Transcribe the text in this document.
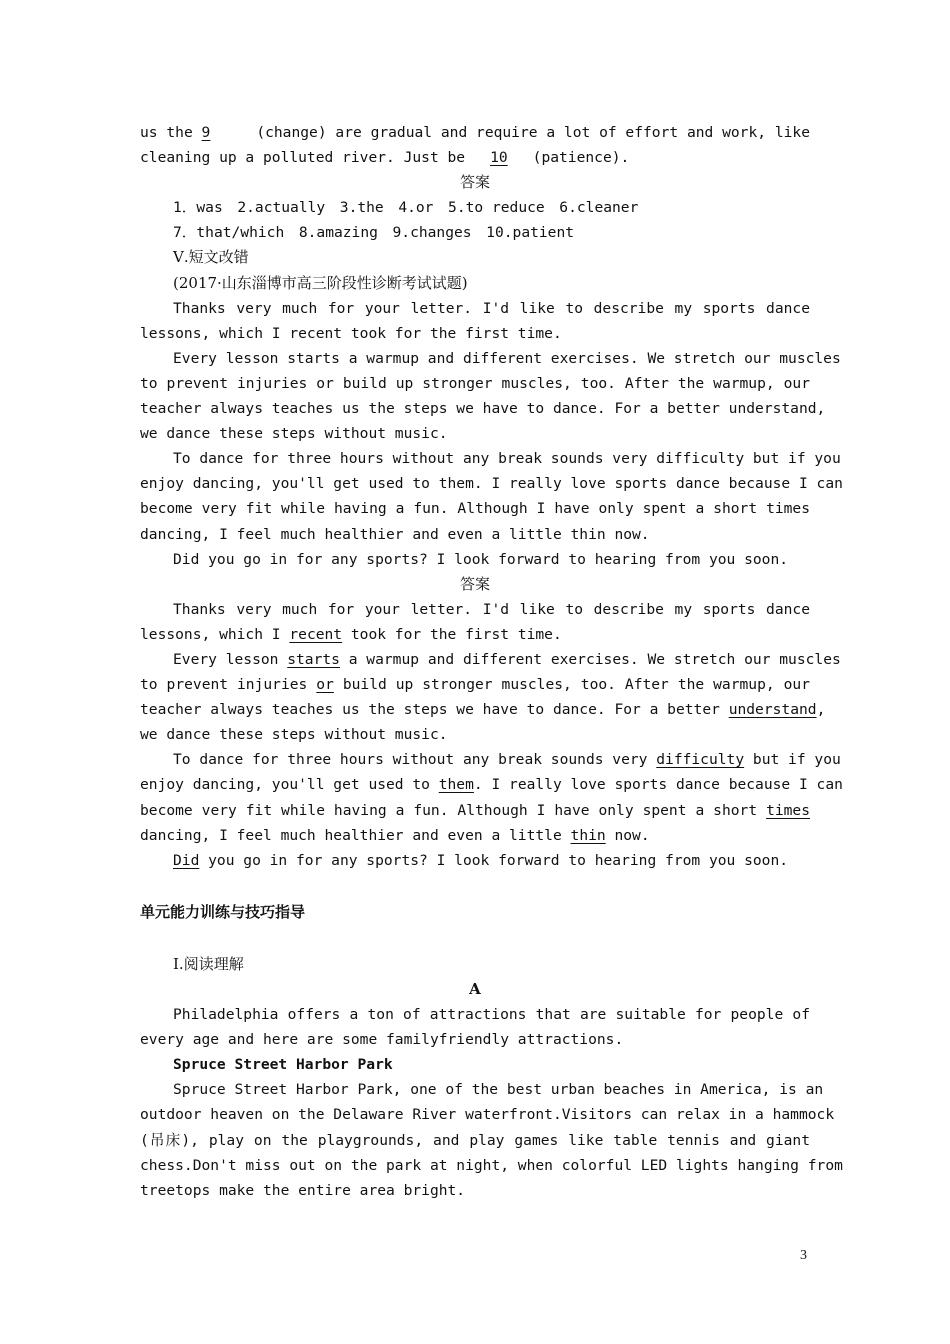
us the 9	(change) are gradual and require a lot of effort and work, like
cleaning up a polluted river. Just be 10 (patience).
答案
1．was　2.actually　3.the　4.or　5.to reduce　6.cleaner
7．that/which　8.amazing　9.changes　10.patient
Ⅴ.短文改错
(2017·山东淄博市高三阶段性诊断考试试题)
Thanks very much for your letter. I'd like to describe my sports dance
lessons, which I recent took for the first time.
Every lesson starts a warmup and different exercises. We stretch our muscles
to prevent injuries or build up stronger muscles, too. After the warmup, our
teacher always teaches us the steps we have to dance. For a better understand,
we dance these steps without music.
To dance for three hours without any break sounds very difficulty but if you
enjoy dancing, you'll get used to them. I really love sports dance because I can
become very fit while having a fun. Although I have only spent a short times
dancing, I feel much healthier and even a little thin now.
Did you go in for any sports? I look forward to hearing from you soon.
答案
Thanks very much for your letter. I'd like to describe my sports dance
lessons, which I recent took for the first time.
Every lesson starts a warmup and different exercises. We stretch our muscles
to prevent injuries or build up stronger muscles, too. After the warmup, our
teacher always teaches us the steps we have to dance. For a better understand,
we dance these steps without music.
To dance for three hours without any break sounds very difficulty but if you
enjoy dancing, you'll get used to them. I really love sports dance because I can
become very fit while having a fun. Although I have only spent a short times
dancing, I feel much healthier and even a little thin now.
Did you go in for any sports? I look forward to hearing from you soon.
单元能力训练与技巧指导
Ⅰ.阅读理解
A
Philadelphia offers a ton of attractions that are suitable for people of
every age and here are some familyfriendly attractions.
Spruce Street Harbor Park
Spruce Street Harbor Park, one of the best urban beaches in America, is an
outdoor heaven on the Delaware River waterfront.Visitors can relax in a hammock
(吊床), play on the playgrounds, and play games like table tennis and giant
chess.Don't miss out on the park at night, when colorful LED lights hanging from
treetops make the entire area bright.
3
